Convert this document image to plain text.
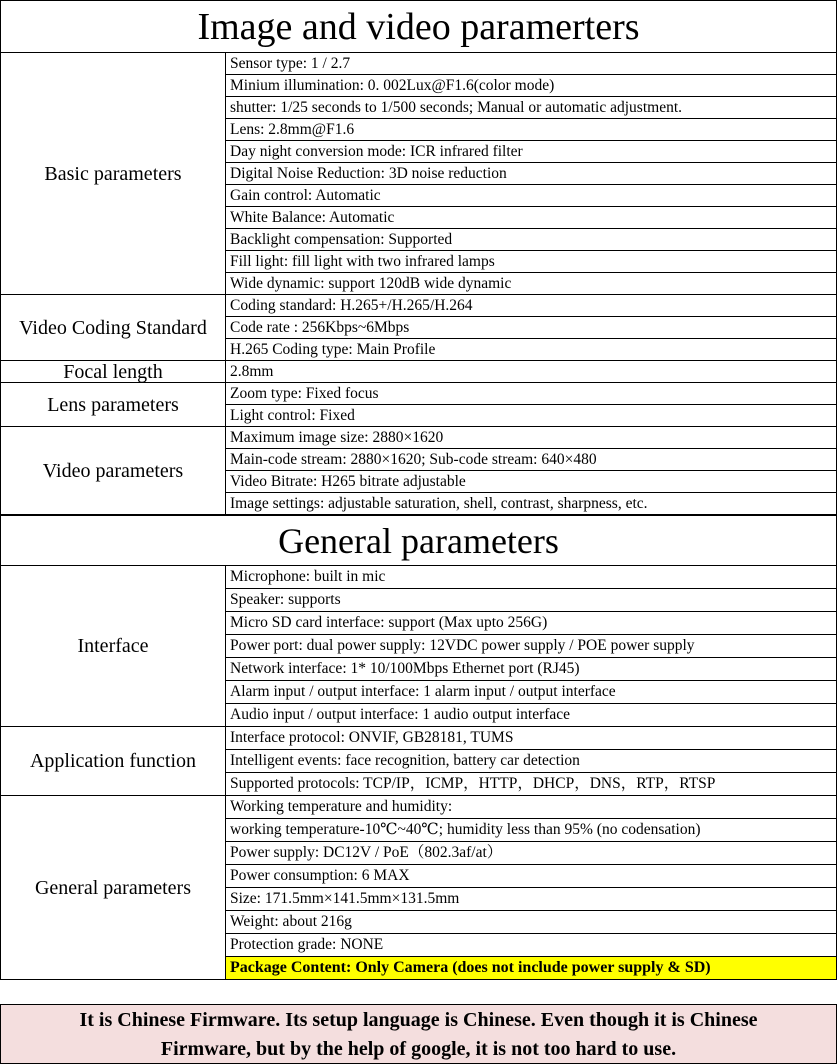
Image and video paramerters
Basic parameters	Sensor type: 1 / 2.7
	Minium illumination: 0. 002Lux@F1.6(color mode)
	shutter: 1/25 seconds to 1/500 seconds; Manual or automatic adjustment.
	Lens: 2.8mm@F1.6
	Day night conversion mode: ICR infrared filter
	Digital Noise Reduction: 3D noise reduction
	Gain control: Automatic
	White Balance: Automatic
	Backlight compensation: Supported
	Fill light: fill light with two infrared lamps
	Wide dynamic: support 120dB wide dynamic
Video Coding Standard	Coding standard: H.265+/H.265/H.264
	Code rate : 256Kbps~6Mbps
	H.265 Coding type: Main Profile
Focal length	2.8mm
Lens parameters	Zoom type: Fixed focus
	Light control: Fixed
Video parameters	Maximum image size: 2880×1620
	Main-code stream: 2880×1620; Sub-code stream: 640×480
	Video Bitrate: H265 bitrate adjustable
	Image settings: adjustable saturation, shell, contrast, sharpness, etc.
General parameters
Interface	Microphone: built in mic
	Speaker: supports
	Micro SD card interface: support (Max upto 256G)
	Power port: dual power supply: 12VDC power supply / POE power supply
	Network interface: 1* 10/100Mbps Ethernet port (RJ45)
	Alarm input / output interface: 1 alarm input / output interface
	Audio input / output interface: 1 audio output interface
Application function	Interface protocol: ONVIF, GB28181, TUMS
	Intelligent events: face recognition, battery car detection
	Supported protocols: TCP/IP，ICMP，HTTP，DHCP，DNS，RTP，RTSP
General parameters	Working temperature and humidity:
	working temperature-10℃~40℃; humidity less than 95% (no codensation)
	Power supply: DC12V / PoE（802.3af/at）
	Power consumption: 6 MAX
	Size: 171.5mm×141.5mm×131.5mm
	Weight: about 216g
	Protection grade: NONE
	Package Content: Only Camera (does not include power supply & SD)
It is Chinese Firmware. Its setup language is Chinese. Even though it is Chinese
Firmware, but by the help of google, it is not too hard to use.
